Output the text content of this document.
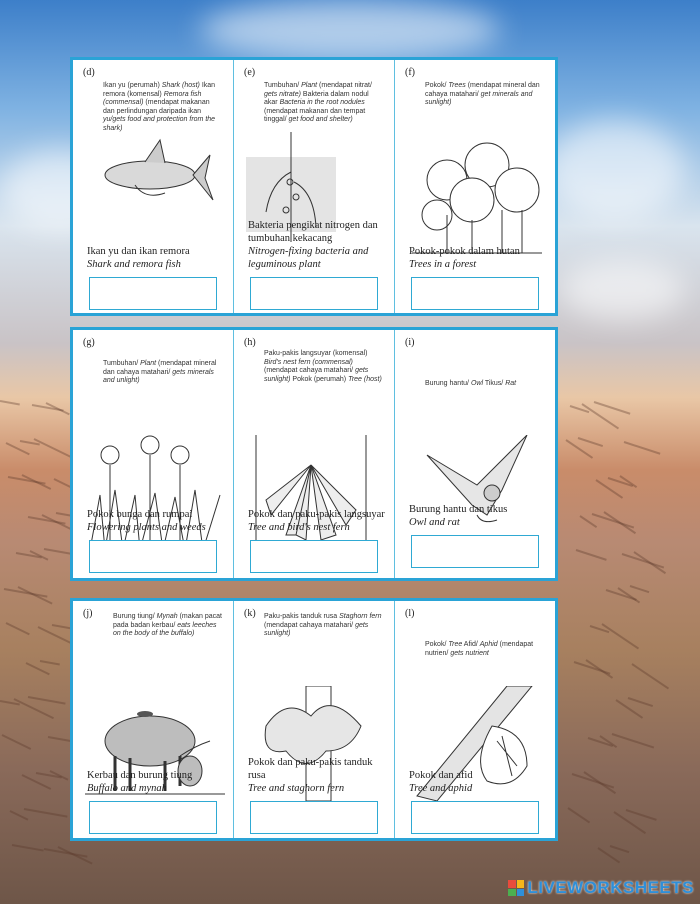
(d)
Ikan yu (perumah) Shark (host) Ikan remora (komensal) Remora fish (commensal) (mendapat makanan dan perlindungan daripada ikan yu/gets food and protection from the shark)
Ikan yu dan ikan remora
Shark and remora fish
(e)
Tumbuhan/ Plant (mendapat nitrat/ gets nitrate) Bakteria dalam nodul akar Bacteria in the root nodules (mendapat makanan dan tempat tinggal/ get food and shelter)
Bakteria pengikat nitrogen dan tumbuhan kekacang
Nitrogen-fixing bacteria and leguminous plant
(f)
Pokok/ Trees (mendapat mineral dan cahaya matahari/ get minerals and sunlight)
Pokok-pokok dalam hutan
Trees in a forest
(g)
Tumbuhan/ Plant (mendapat mineral dan cahaya matahari/ gets minerals and unlight)
Pokok bunga dan rumpai
Flowering plants and weeds
(h)
Paku-pakis langsuyar (komensal) Bird's nest fern (commensal) (mendapat cahaya matahari/ gets sunlight) Pokok (perumah) Tree (host)
Pokok dan paku-pakis langsuyar
Tree and bird's nest fern
(i)
Burung hantu/ Owl Tikus/ Rat
Burung hantu dan tikus
Owl and rat
(j)	Burung tiung/ Mynah (makan pacat pada badan kerbau/ eats leeches on the body of the buffalo)
Kerbau dan burung tiung
Buffalo and mynah
(k) Paku-pakis tanduk rusa Staghorn fern (mendapat cahaya matahari/ gets sunlight)
Pokok dan paku-pakis tanduk rusa
Tree and staghorn fern
(l)
Pokok/ Tree Afid/ Aphid (mendapat nutrien/ gets nutrient
Pokok dan afid
Tree and aphid
LIVEWORKSHEETS
